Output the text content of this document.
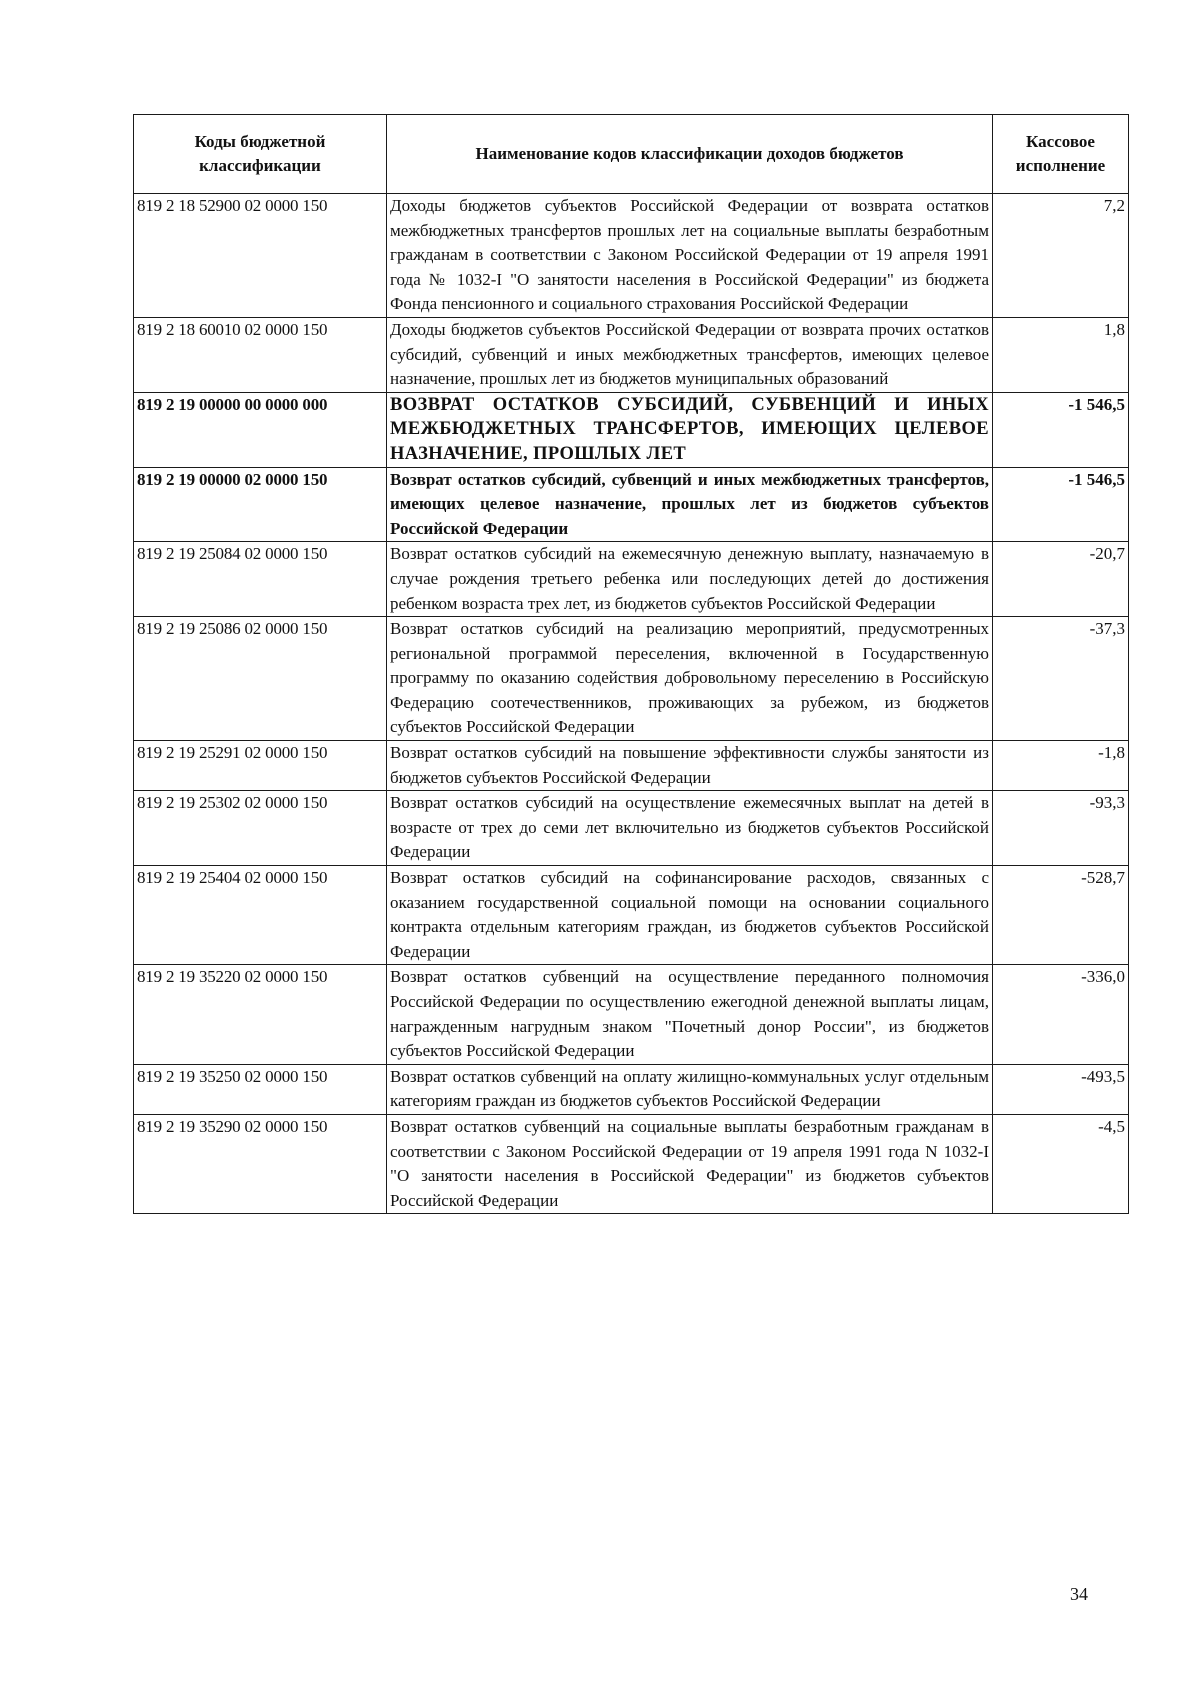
Коды бюджетной классификации	Наименование кодов классификации доходов бюджетов	Кассовое исполнение
819 2 18 52900 02 0000 150	Доходы бюджетов субъектов Российской Федерации от возврата остатков межбюджетных трансфертов прошлых лет на социальные выплаты безработным гражданам в соответствии с Законом Российской Федерации от 19 апреля 1991 года № 1032-I "О занятости населения в Российской Федерации" из бюджета Фонда пенсионного и социального страхования Российской Федерации	7,2
819 2 18 60010 02 0000 150	Доходы бюджетов субъектов Российской Федерации от возврата прочих остатков субсидий, субвенций и иных межбюджетных трансфертов, имеющих целевое назначение, прошлых лет из бюджетов муниципальных образований	1,8
819 2 19 00000 00 0000 000	ВОЗВРАТ ОСТАТКОВ СУБСИДИЙ, СУБВЕНЦИЙ И ИНЫХ МЕЖБЮДЖЕТНЫХ ТРАНСФЕРТОВ, ИМЕЮЩИХ ЦЕЛЕВОЕ НАЗНАЧЕНИЕ, ПРОШЛЫХ ЛЕТ	-1 546,5
819 2 19 00000 02 0000 150	Возврат остатков субсидий, субвенций и иных межбюджетных трансфертов, имеющих целевое назначение, прошлых лет из бюджетов субъектов Российской Федерации	-1 546,5
819 2 19 25084 02 0000 150	Возврат остатков субсидий на ежемесячную денежную выплату, назначаемую в случае рождения третьего ребенка или последующих детей до достижения ребенком возраста трех лет, из бюджетов субъектов Российской Федерации	-20,7
819 2 19 25086 02 0000 150	Возврат остатков субсидий на реализацию мероприятий, предусмотренных региональной программой переселения, включенной в Государственную программу по оказанию содействия добровольному переселению в Российскую Федерацию соотечественников, проживающих за рубежом, из бюджетов субъектов Российской Федерации	-37,3
819 2 19 25291 02 0000 150	Возврат остатков субсидий на повышение эффективности службы занятости из бюджетов субъектов Российской Федерации	-1,8
819 2 19 25302 02 0000 150	Возврат остатков субсидий на осуществление ежемесячных выплат на детей в возрасте от трех до семи лет включительно из бюджетов субъектов Российской Федерации	-93,3
819 2 19 25404 02 0000 150	Возврат остатков субсидий на софинансирование расходов, связанных с оказанием государственной социальной помощи на основании социального контракта отдельным категориям граждан, из бюджетов субъектов Российской Федерации	-528,7
819 2 19 35220 02 0000 150	Возврат остатков субвенций на осуществление переданного полномочия Российской Федерации по осуществлению ежегодной денежной выплаты лицам, награжденным нагрудным знаком "Почетный донор России", из бюджетов субъектов Российской Федерации	-336,0
819 2 19 35250 02 0000 150	Возврат остатков субвенций на оплату жилищно-коммунальных услуг отдельным категориям граждан из бюджетов субъектов Российской Федерации	-493,5
819 2 19 35290 02 0000 150	Возврат остатков субвенций на социальные выплаты безработным гражданам в соответствии с Законом Российской Федерации от 19 апреля 1991 года N 1032-I "О занятости населения в Российской Федерации" из бюджетов субъектов Российской Федерации	-4,5
34
